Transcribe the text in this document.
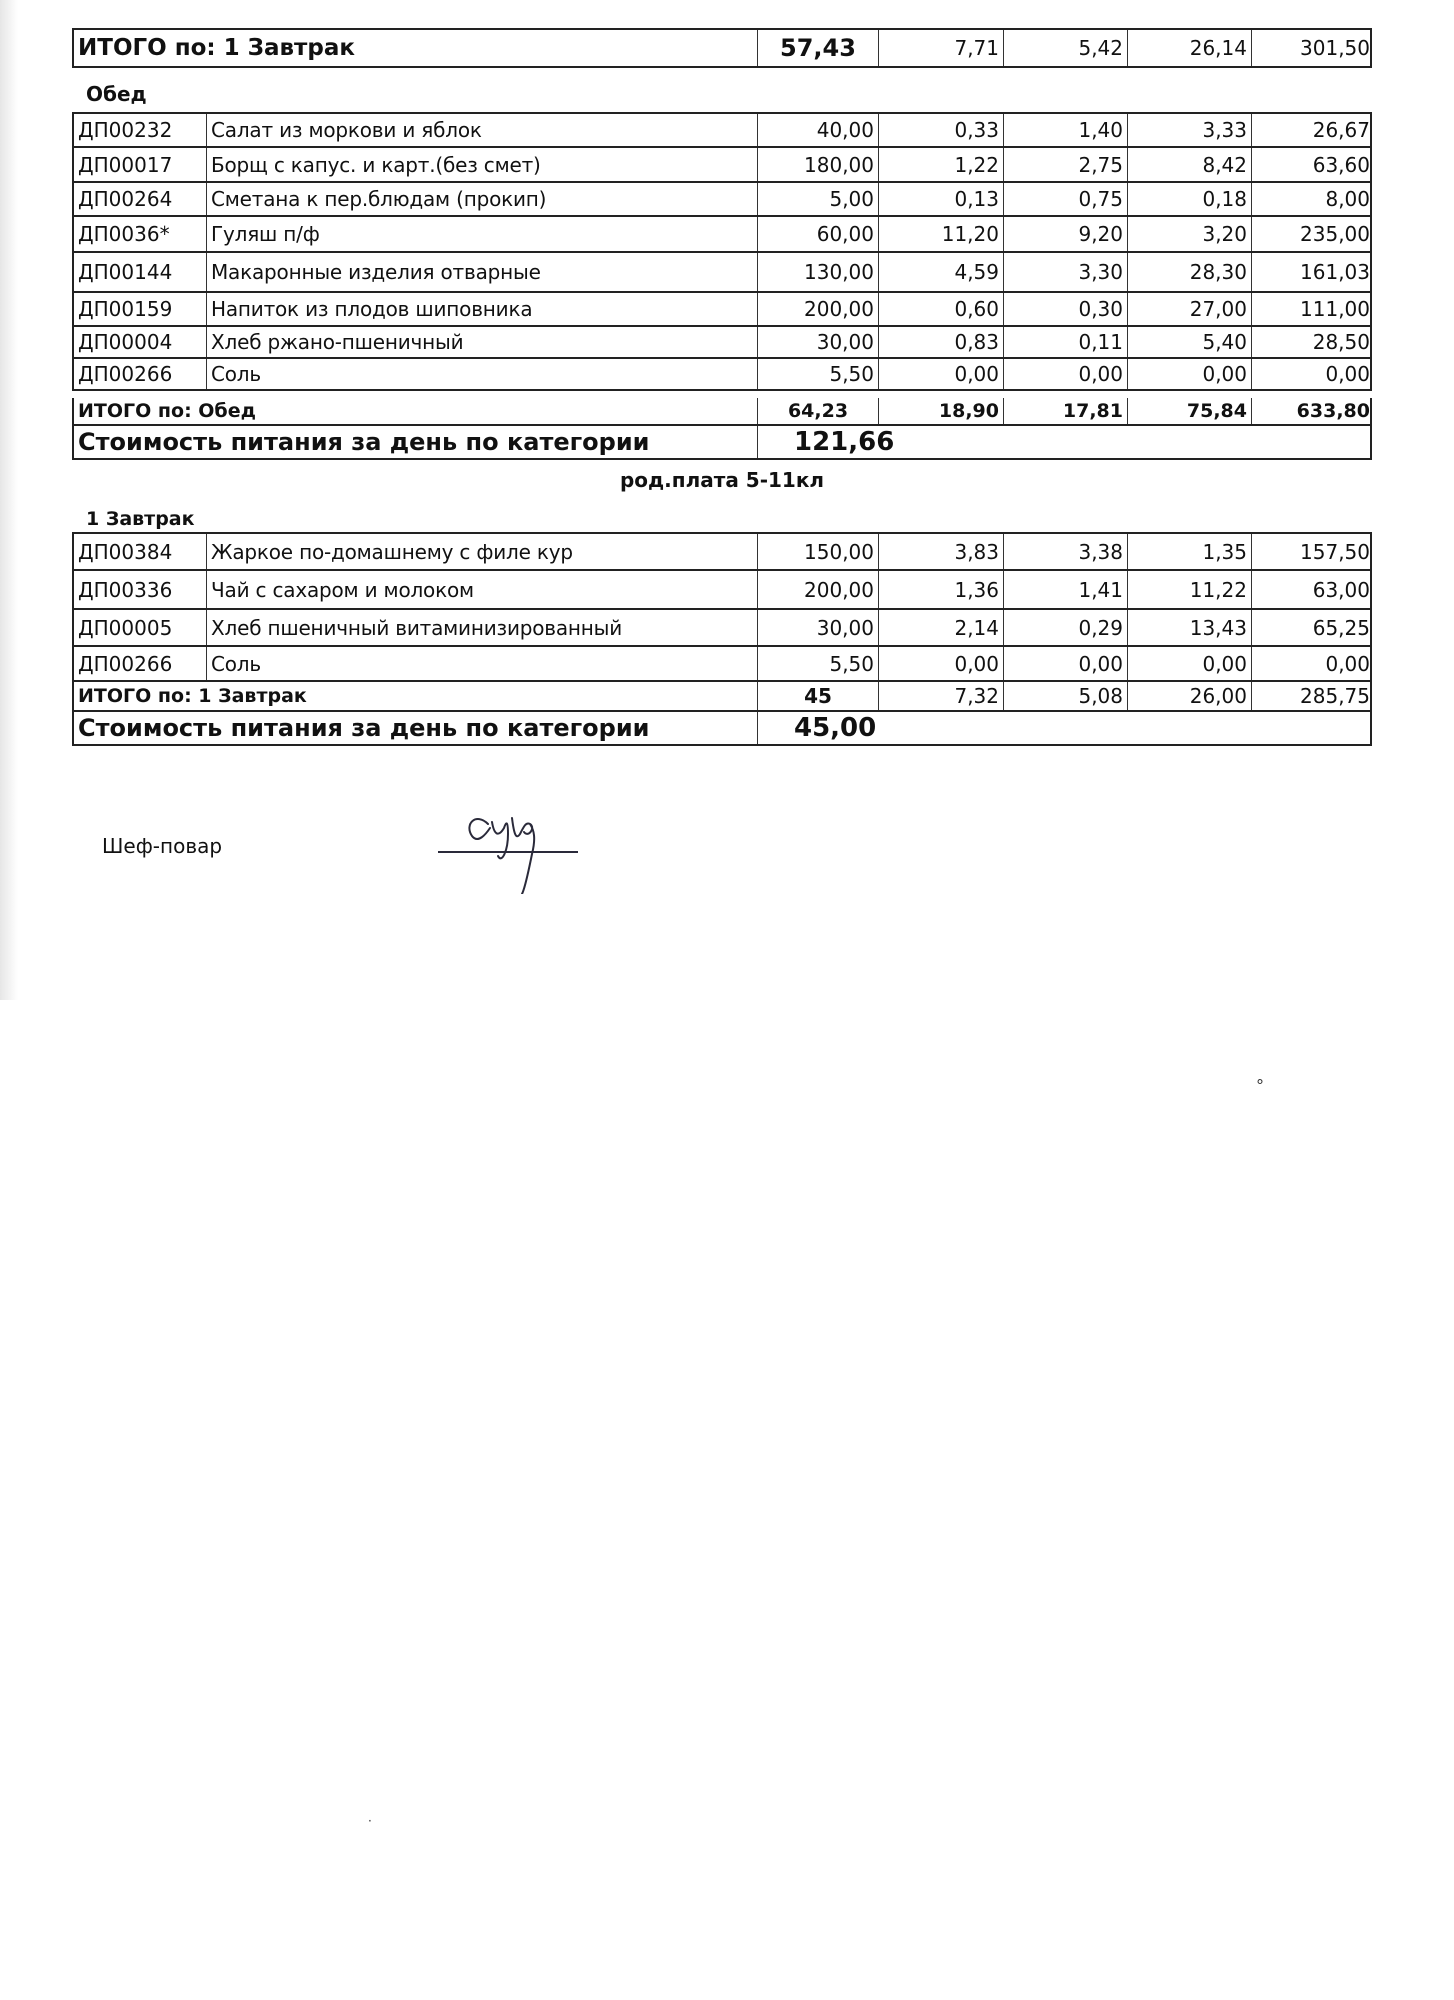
ИТОГО по: 1 Завтрак	57,43	7,71	5,42	26,14	301,50
Обед
ДП00232	Салат из моркови и яблок	40,00	0,33	1,40	3,33	26,67
ДП00017	Борщ с капус. и карт.(без смет)	180,00	1,22	2,75	8,42	63,60
ДП00264	Сметана к пер.блюдам (прокип)	5,00	0,13	0,75	0,18	8,00
ДП0036*	Гуляш п/ф	60,00	11,20	9,20	3,20	235,00
ДП00144	Макаронные изделия отварные	130,00	4,59	3,30	28,30	161,03
ДП00159	Напиток из плодов шиповника	200,00	0,60	0,30	27,00	111,00
ДП00004	Хлеб ржано-пшеничный	30,00	0,83	0,11	5,40	28,50
ДП00266	Соль	5,50	0,00	0,00	0,00	0,00
ИТОГО по: Обед	64,23	18,90	17,81	75,84	633,80
Стоимость питания за день по категории	121,66
род.плата 5-11кл
1 Завтрак
ДП00384	Жаркое по-домашнему с филе кур	150,00	3,83	3,38	1,35	157,50
ДП00336	Чай с сахаром и молоком	200,00	1,36	1,41	11,22	63,00
ДП00005	Хлеб пшеничный витаминизированный	30,00	2,14	0,29	13,43	65,25
ДП00266	Соль	5,50	0,00	0,00	0,00	0,00
ИТОГО по: 1 Завтрак	45	7,32	5,08	26,00	285,75
Стоимость питания за день по категории	45,00
Шеф-повар
°
·
